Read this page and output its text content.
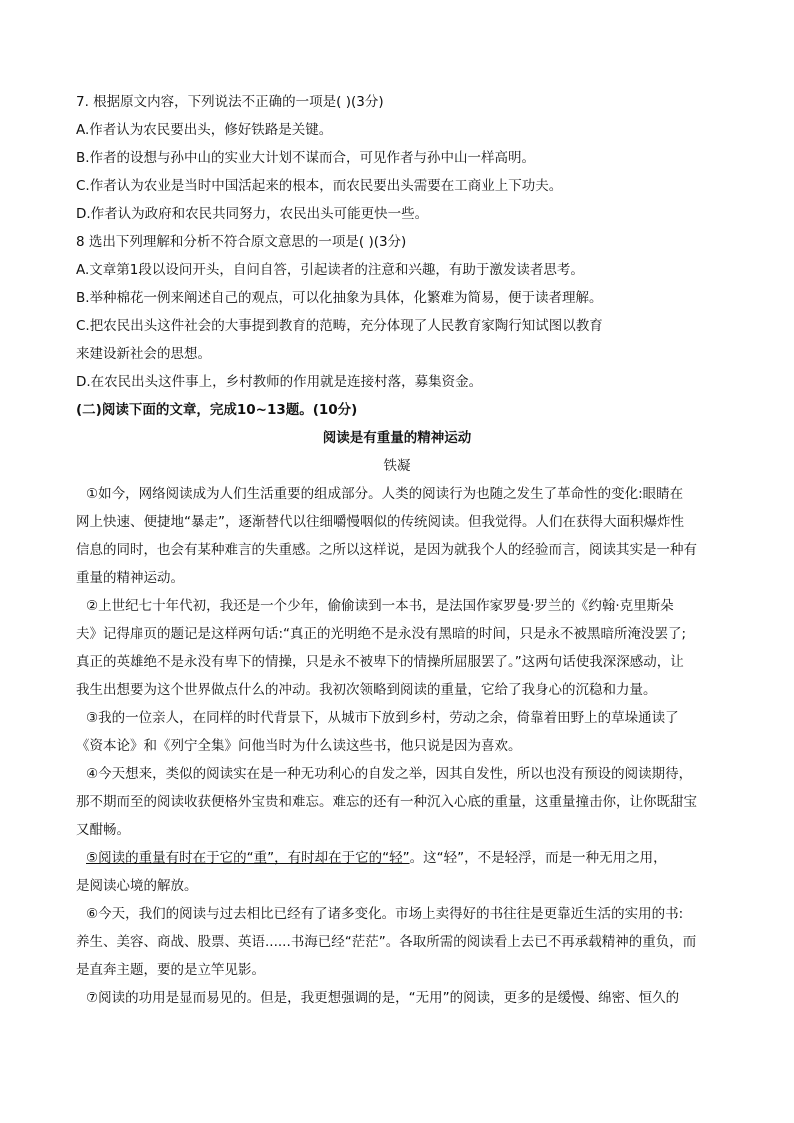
7. 根据原文内容，下列说法不正确的一项是( )(3分)
A.作者认为农民要出头，修好铁路是关键。
B.作者的设想与孙中山的实业大计划不谋而合，可见作者与孙中山一样高明。
C.作者认为农业是当时中国活起来的根本，而农民要出头需要在工商业上下功夫。
D.作者认为政府和农民共同努力，农民出头可能更快一些。
8 选出下列理解和分析不符合原文意思的一项是( )(3分)
A.文章第1段以设问开头，自问自答，引起读者的注意和兴趣，有助于激发读者思考。
B.举种棉花一例来阐述自己的观点，可以化抽象为具体，化繁难为简易，便于读者理解。
C.把农民出头这件社会的大事提到教育的范畴，充分体现了人民教育家陶行知试图以教育
来建设新社会的思想。
D.在农民出头这件事上，乡村教师的作用就是连接村落，募集资金。
(二)阅读下面的文章，完成10~13题。(10分)
阅读是有重量的精神运动
铁凝
①如今，网络阅读成为人们生活重要的组成部分。人类的阅读行为也随之发生了革命性的变化:眼睛在
网上快速、便捷地“暴走”，逐渐替代以往细嚼慢咽似的传统阅读。但我觉得。人们在获得大面积爆炸性
信息的同时，也会有某种难言的失重感。之所以这样说，是因为就我个人的经验而言，阅读其实是一种有
重量的精神运动。
②上世纪七十年代初，我还是一个少年，偷偷读到一本书，是法国作家罗曼·罗兰的《约翰·克里斯朵
夫》记得扉页的题记是这样两句话:“真正的光明绝不是永没有黑暗的时间，只是永不被黑暗所淹没罢了;
真正的英雄绝不是永没有卑下的情操，只是永不被卑下的情操所屈服罢了。”这两句话使我深深感动，让
我生出想要为这个世界做点什么的冲动。我初次领略到阅读的重量，它给了我身心的沉稳和力量。
③我的一位亲人，在同样的时代背景下，从城市下放到乡村，劳动之余，倚靠着田野上的草垛通读了
《资本论》和《列宁全集》问他当时为什么读这些书，他只说是因为喜欢。
④今天想来，类似的阅读实在是一种无功利心的自发之举，因其自发性，所以也没有预设的阅读期待，
那不期而至的阅读收获便格外宝贵和难忘。难忘的还有一种沉入心底的重量，这重量撞击你，让你既甜宝
又酣畅。
⑤阅读的重量有时在于它的“重”，有时却在于它的“轻”。这“轻”，不是轻浮，而是一种无用之用，
是阅读心境的解放。
⑥今天，我们的阅读与过去相比已经有了诸多变化。市场上卖得好的书往往是更靠近生活的实用的书:
养生、美容、商战、股票、英语......书海已经“茫茫”。各取所需的阅读看上去已不再承载精神的重负，而
是直奔主题，要的是立竿见影。
⑦阅读的功用是显而易见的。但是，我更想强调的是，“无用”的阅读，更多的是缓慢、绵密、恒久的
